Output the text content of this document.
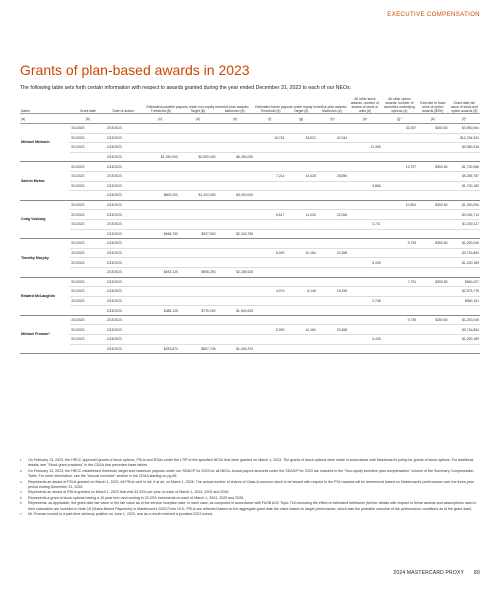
EXECUTIVE COMPENSATION
Grants of plan-based awards in 2023
The following table sets forth certain information with respect to awards granted during the year ended December 31, 2023 to each of our NEOs:
Name	Grant date	Date of action²	Estimated possible payouts under non-equity incentive plan awards¹
Threshold ($) Target ($) Maximum ($)			Estimated future payouts under equity incentive plan awards¹
Threshold (#) Target (#) Maximum (#)			All other stock awards: number of shares of stock or units (#)	All other option awards: number of securities underlying options (#)	Exercise or base price of option awards ($/Sh)	Grant date fair value of stock and option awards ($)
(a)	(b)		(c)	(d)	(e)	(f)	(g)	(h)	(i)³	(j)⁴	(k)	(l)⁵
Michael Miebach	3/1/2023	2/13/2023								32,057	$353.50	$3,950,064
	3/1/2023	2/13/2023				16,761	33,522	67,044				$12,234,524
	3/1/2023	2/13/2023							11,306			$3,950,316
		2/13/2023	$1,250,000	$2,500,000	$6,250,000							
Sachin Mehra	3/1/2023	2/13/2023								13,797	$353.50	$1,700,066
	3/1/2023	2/13/2023				7,214	14,428	28,856				$5,265,787
	3/1/2023	2/13/2023							4,866			$1,700,180
		2/13/2023	$600,000	$1,200,000	$3,000,000							
Craig Vosburg	3/1/2023	2/13/2023								10,551	$353.50	$1,300,094
	3/1/2023	2/13/2023				5,517	11,033	22,066				$4,026,714
	3/1/2023	2/13/2023							3,721			$1,300,117
		2/13/2023	$468,750	$937,500	$2,343,750							
Timothy Murphy	3/1/2023	2/13/2023								9,739	$353.50	$1,200,040
	3/1/2023	2/13/2023				5,092	10,184	20,368				$3,716,854
	3/1/2023	2/13/2023							3,435			$1,200,189
		2/13/2023	$453,125	$906,250	$2,265,625							
Edward McLaughlin	3/1/2023	2/13/2023								7,791	$353.50	$960,007
	3/1/2023	2/13/2023				4,074	8,148	16,296				$2,973,776
	3/1/2023	2/13/2023							2,748			$960,151
		2/13/2023	$388,125	$776,250	$1,940,625							
Michael Froman⁶	3/1/2023	2/13/2023								9,739	$353.50	$1,200,040
	3/1/2023	2/13/2023				5,092	10,184	20,368				$3,716,854
	3/1/2023	2/13/2023							3,435			$1,200,189
		2/13/2023	$253,874	$507,748	$1,269,370							
1	On February 13, 2023, the HRCC approved grants of stock options, PSUs and RSUs under the LTIP to the specified NEOs that were granted on March 1, 2023. The grants of stock options were made in accordance with Mastercard's policy for grants of stock options. For additional details, see "Stock grant practices" in the CD&A that precedes these tables.
2	On February 13, 2023, the HRCC established threshold, target and maximum payouts under our SEAICP for 2023 for all NEOs. Actual payout amounts under the SEAICP for 2023 are included in the "Non-equity incentive plan compensation" column of the Summary Compensation Table. For more information, see the "Annual incentive" section in the CD&A starting on pg 68.
3	Represents an award of PSUs granted on March 1, 2023. All PSUs vest in full, if at all, on March 1, 2026. The actual number of shares of Class A common stock to be issued with respect to the PSU awards will be determined based on Mastercard's performance over the three-year period ending December 31, 2025.
4	Represents an award of RSUs granted on March 1, 2023 that vest 33.33% per year on each of March 1, 2024, 2025 and 2026.
5	Represents a grant of stock options having a 10-year term and vesting in 33.33% increments on each of March 1, 2024, 2025 and 2026.
6	Represents, as applicable, the grant date fair value or the fair value as of the service inception date, in each case, as computed in accordance with FASB ASC Topic 718 excluding the effect of estimated forfeitures (further details with respect to these awards and assumptions used in their calculation are included in Note 18 (Share-Based Payments) in Mastercard's 2023 Form 10-K. PSUs are reflected based on the aggregate grant date fair value based on target performance, which was the probable outcome of the performance conditions as of the grant date).
7	Mr. Froman moved to a part-time advisory position on June 1, 2023, and as a result received a prorated 2023 bonus.
2024 MASTERCARD PROXY 89
